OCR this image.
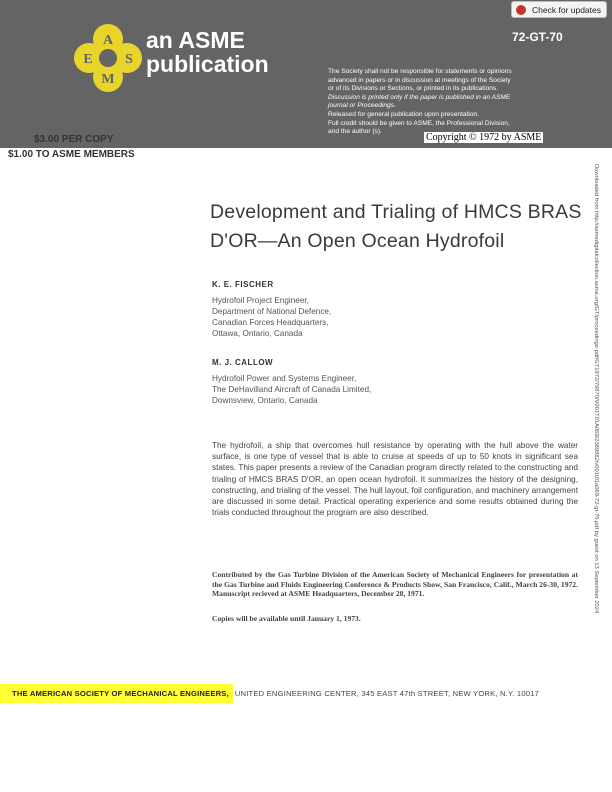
A
S
M
E
an ASME
publication
Check for updates
72-GT-70

The Society shall not be responsible for statements or opinions

advanced in papers or in discussion at meetings of the Society

or of its Divisions or Sections, or printed in its publications.

Discussion is printed only if the paper is published in an ASME

journal or Proceedings.

Released for general publication upon presentation.

Full credit should be given to ASME, the Professional Division,

and the author (s).

Copyright © 1972 by ASME
$3.00 PER COPY
$1.00 TO ASME MEMBERS
Development and Trialing of HMCS BRAS
D'OR—An Open Ocean Hydrofoil
K. E. FISCHER
Hydrofoil Project Engineer,
Department of National Defence,
Canadian Forces Headquarters,
Ottawa, Ontario, Canada
M. J. CALLOW
Hydrofoil Power and Systems Engineer,
The DeHavilland Aircraft of Canada Limited,
Downsview, Ontario, Canada
The hydrofoil, a ship that overcomes hull resistance by operating with the hull above the water surface, is one type of vessel that is able to cruise at speeds of up to 50 knots in significant sea states. This paper presents a review of the Canadian program directly related to the constructing and trialing of HMCS BRAS D'OR, an open ocean hydrofoil. It summarizes the history of the designing, constructing, and trialing of the vessel. The hull layout, foil configuration, and machinery arrangement are discussed in some detail. Practical operating experience and some results obtained during the trials conducted throughout the program are also described.
Contributed by the Gas Turbine Division of the American Society of Mechanical Engineers for presentation at the Gas Turbine and Fluids Engineering Conference & Products Show, San Francisco, Calif., March 26-30, 1972. Manuscript recieved at ASME Headquarters, December 28, 1971.
Copies will be available until January 1, 1973.
Downloaded from http://asmedigitalcollection.asme.org/GT/proceedings-pdf/GT1972/79870/V001T01A069/2389882/v001t01a069-72-gt-70.pdf by guest on 13 September 2024
THE AMERICAN SOCIETY OF MECHANICAL ENGINEERS, UNITED ENGINEERING CENTER, 345 EAST 47th STREET, NEW YORK, N.Y. 10017
